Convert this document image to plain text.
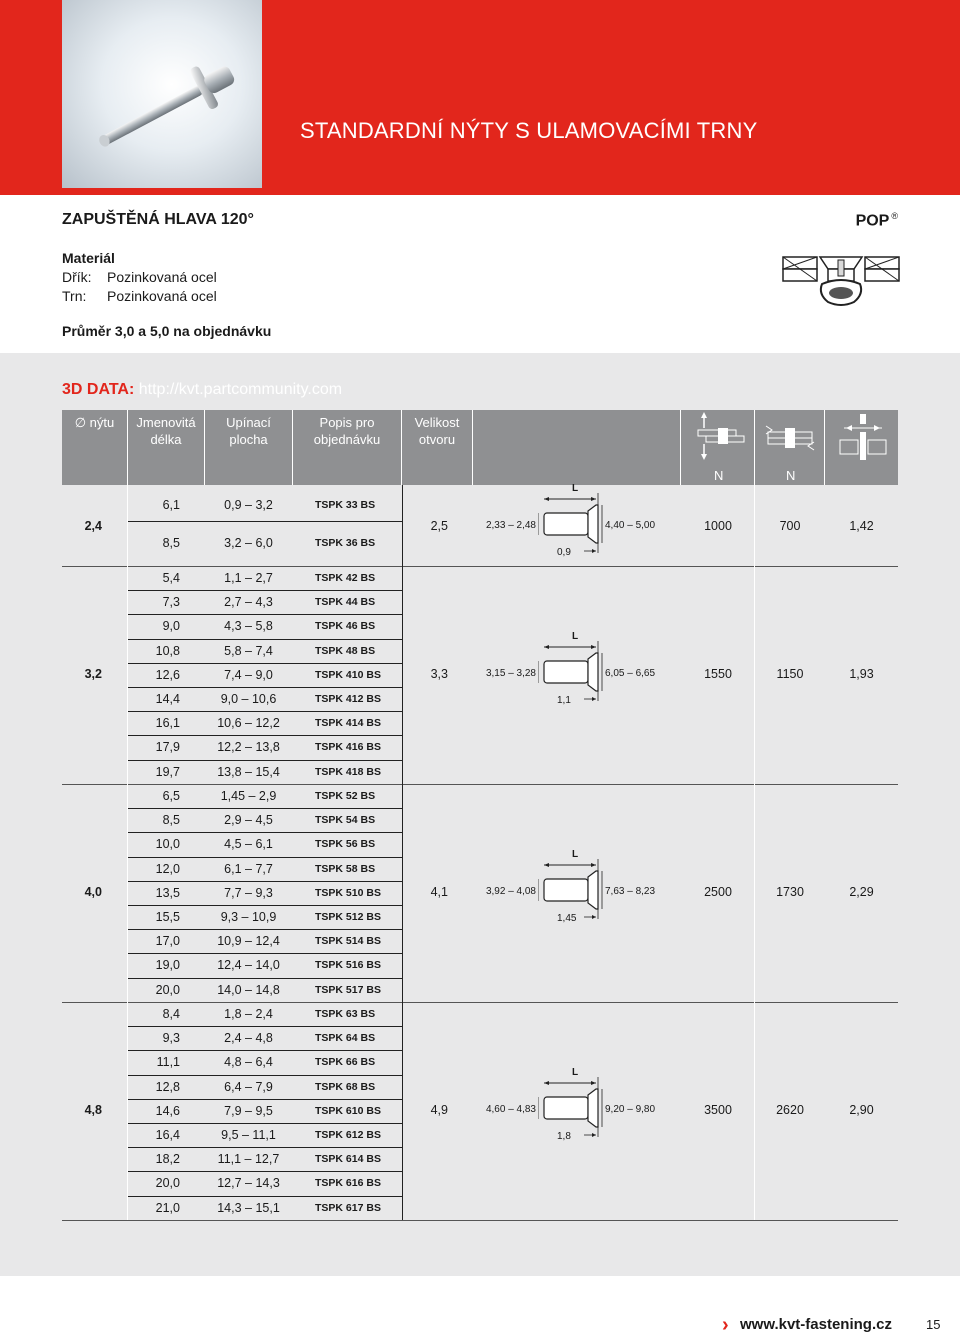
STANDARDNÍ NÝTY S ULAMOVACÍMI TRNY
ZAPUŠTĚNÁ HLAVA 120°	POP ®
Materiál
Dřík: Pozinkovaná ocel
Trn: Pozinkovaná ocel
Průměr 3,0 a 5,0 na objednávku
3D DATA: http://kvt.partcommunity.com
∅ nýtu	Jmenovitá
délka
Upínací
plocha
Popis pro
objednávku
Velikost
otvoru
N	N
6,1	0,9 – 3,2	TSPK 33 BS
8,5	3,2 – 6,0	TSPK 36 BS
2,4	2,5	1000	700	1,42
L
2,33 – 2,48	4,40 – 5,00
0,9
5,4	1,1 – 2,7	TSPK 42 BS
7,3	2,7 – 4,3	TSPK 44 BS
9,0	4,3 – 5,8	TSPK 46 BS
10,8	5,8 – 7,4	TSPK 48 BS
12,6	7,4 – 9,0	TSPK 410 BS
14,4	9,0 – 10,6	TSPK 412 BS
16,1	10,6 – 12,2	TSPK 414 BS
17,9	12,2 – 13,8	TSPK 416 BS
19,7	13,8 – 15,4	TSPK 418 BS
3,2	3,3	1550	1150	1,93
L
3,15 – 3,28	6,05 – 6,65
1,1
6,5	1,45 – 2,9	TSPK 52 BS
8,5	2,9 – 4,5	TSPK 54 BS
10,0	4,5 – 6,1	TSPK 56 BS
12,0	6,1 – 7,7	TSPK 58 BS
13,5	7,7 – 9,3	TSPK 510 BS
15,5	9,3 – 10,9	TSPK 512 BS
17,0	10,9 – 12,4	TSPK 514 BS
19,0	12,4 – 14,0	TSPK 516 BS
20,0	14,0 – 14,8	TSPK 517 BS
4,0	4,1	2500	1730	2,29
L
3,92 – 4,08	7,63 – 8,23
1,45
8,4	1,8 – 2,4	TSPK 63 BS
9,3	2,4 – 4,8	TSPK 64 BS
11,1	4,8 – 6,4	TSPK 66 BS
12,8	6,4 – 7,9	TSPK 68 BS
14,6	7,9 – 9,5	TSPK 610 BS
16,4	9,5 – 11,1	TSPK 612 BS
18,2	11,1 – 12,7	TSPK 614 BS
20,0	12,7 – 14,3	TSPK 616 BS
21,0	14,3 – 15,1	TSPK 617 BS
4,8	4,9	3500	2620	2,90
L
4,60 – 4,83	9,20 – 9,80
1,8
› www.kvt-fastening.cz	15
